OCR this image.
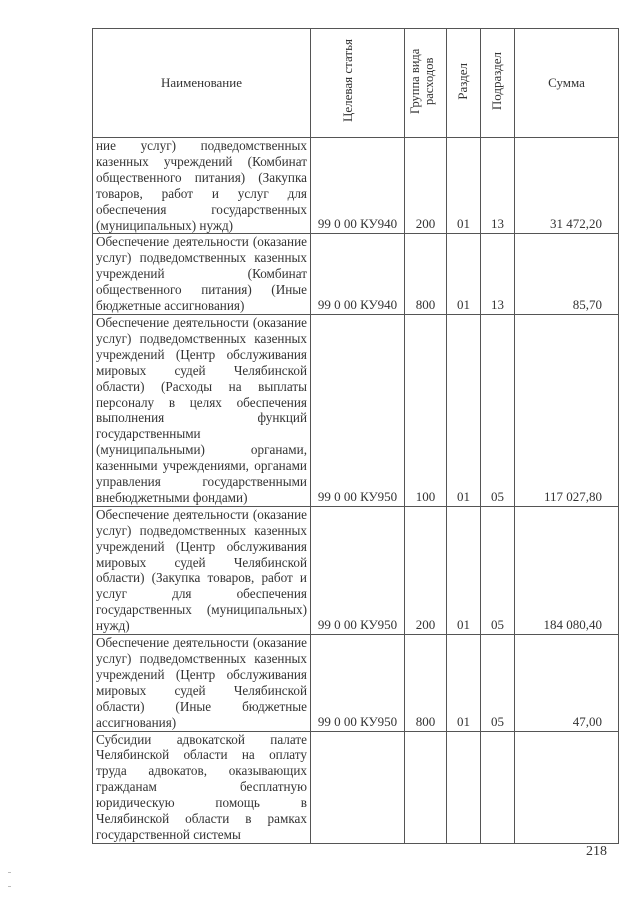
Наименование	Целевая статья	Группа вида расходов	Раздел	Подраздел	Сумма
ние услуг) подведомственных казенных учреждений (Комбинат общественного питания) (Закупка товаров, работ и услуг для обеспечения государственных (муниципальных) нужд)	99 0 00 КУ940	200	01	13	31 472,20
Обеспечение деятельности (оказание услуг) подведомственных казенных учреждений (Комбинат общественного питания) (Иные бюджетные ассигнования)	99 0 00 КУ940	800	01	13	85,70
Обеспечение деятельности (оказание услуг) подведомственных казенных учреждений (Центр обслуживания мировых судей Челябинской области) (Расходы на выплаты персоналу в целях обеспечения выполнения функций государственными (муниципальными) органами, казенными учреждениями, органами управления государственными внебюджетными фондами)	99 0 00 КУ950	100	01	05	117 027,80
Обеспечение деятельности (оказание услуг) подведомственных казенных учреждений (Центр обслуживания мировых судей Челябинской области) (Закупка товаров, работ и услуг для обеспечения государственных (муниципальных) нужд)	99 0 00 КУ950	200	01	05	184 080,40
Обеспечение деятельности (оказание услуг) подведомственных казенных учреждений (Центр обслуживания мировых судей Челябинской области) (Иные бюджетные ассигнования)	99 0 00 КУ950	800	01	05	47,00
Субсидии адвокатской палате Челябинской области на оплату труда адвокатов, оказывающих гражданам бесплатную юридическую помощь в Челябинской области в рамках государственной системы					
218
